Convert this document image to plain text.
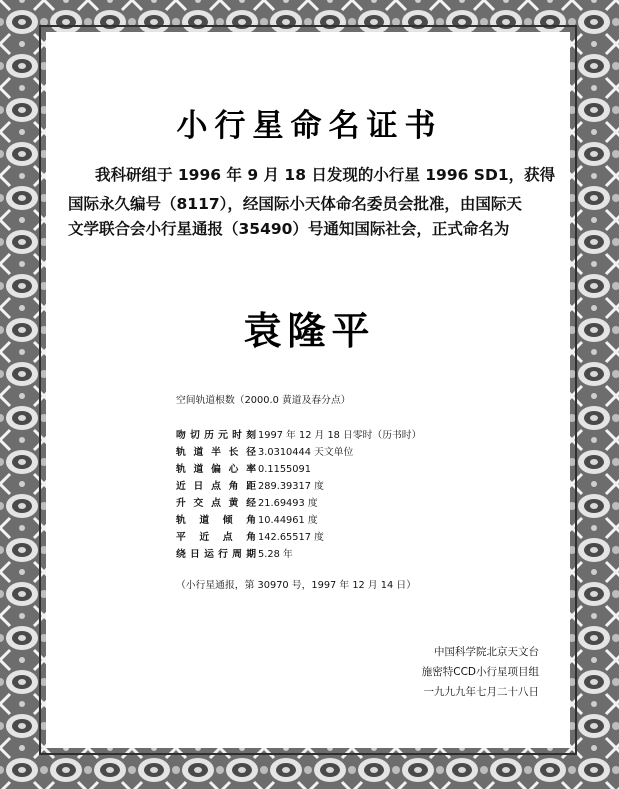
小行星命名证书
我科研组于 1996 年 9 月 18 日发现的小行星 1996 SD1，获得
国际永久编号（8117），经国际小天体命名委员会批准，由国际天
文学联合会小行星通报（35490）号通知国际社会，正式命名为
袁隆平
空间轨道根数（2000.0 黄道及春分点）
吻切历元时刻 1997 年 12 月 18 日零时（历书时）
轨道半长径 3.0310444 天文单位
轨道偏心率 0.1155091
近日点角距 289.39317 度
升交点黄经 21.69493 度
轨道倾角 10.44961 度
平近点角 142.65517 度
绕日运行周期 5.28 年
（小行星通报，第 30970 号，1997 年 12 月 14 日）
中国科学院北京天文台
施密特CCD小行星项目组
一九九九年七月二十八日
